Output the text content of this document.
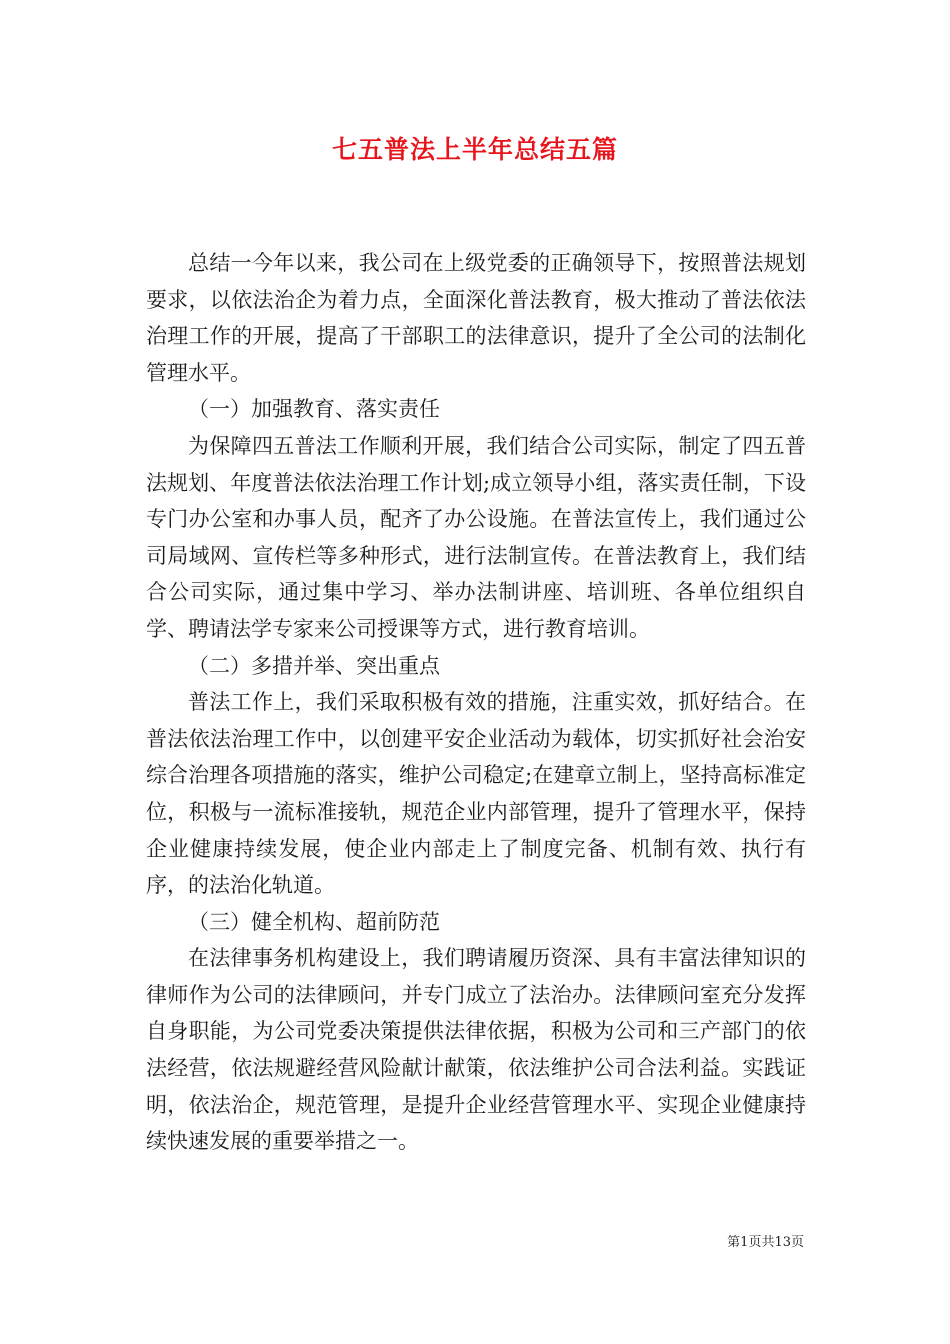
七五普法上半年总结五篇

总结一今年以来，我公司在上级党委的正确领导下，按照普法规划要求，以依法治企为着力点，全面深化普法教育，极大推动了普法依法治理工作的开展，提高了干部职工的法律意识，提升了全公司的法制化管理水平。

（一）加强教育、落实责任

为保障四五普法工作顺利开展，我们结合公司实际，制定了四五普法规划、年度普法依法治理工作计划;成立领导小组，落实责任制，下设专门办公室和办事人员，配齐了办公设施。在普法宣传上，我们通过公司局域网、宣传栏等多种形式，进行法制宣传。在普法教育上，我们结合公司实际，通过集中学习、举办法制讲座、培训班、各单位组织自学、聘请法学专家来公司授课等方式，进行教育培训。

（二）多措并举、突出重点

普法工作上，我们采取积极有效的措施，注重实效，抓好结合。在普法依法治理工作中，以创建平安企业活动为载体，切实抓好社会治安综合治理各项措施的落实，维护公司稳定;在建章立制上，坚持高标准定位，积极与一流标准接轨，规范企业内部管理，提升了管理水平，保持企业健康持续发展，使企业内部走上了制度完备、机制有效、执行有序，的法治化轨道。

（三）健全机构、超前防范

在法律事务机构建设上，我们聘请履历资深、具有丰富法律知识的律师作为公司的法律顾问，并专门成立了法治办。法律顾问室充分发挥自身职能，为公司党委决策提供法律依据，积极为公司和三产部门的依法经营，依法规避经营风险献计献策，依法维护公司合法利益。实践证明，依法治企，规范管理，是提升企业经营管理水平、实现企业健康持续快速发展的重要举措之一。

第1页共13页
